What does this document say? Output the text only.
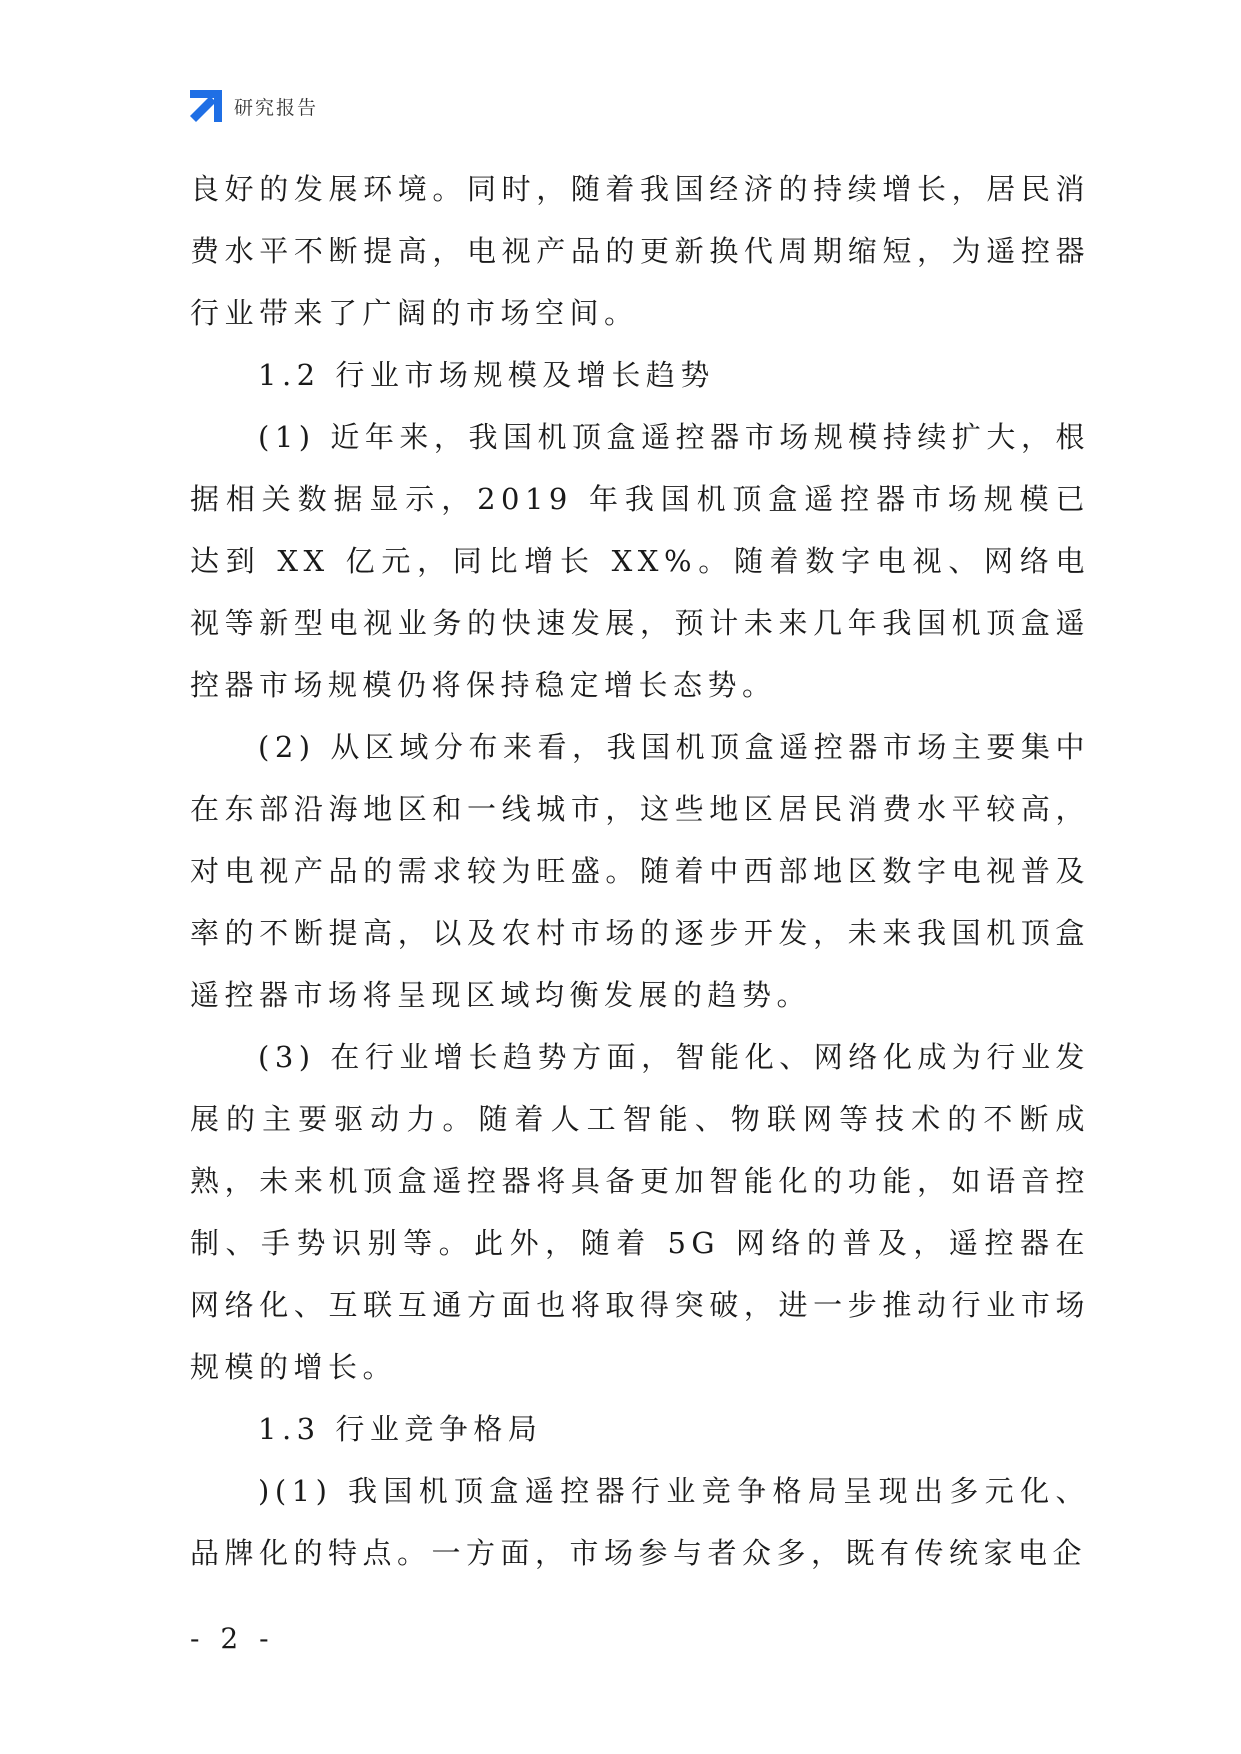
研究报告

良好的发展环境。同时，随着我国经济的持续增长，居民消费水平不断提高，电视产品的更新换代周期缩短，为遥控器行业带来了广阔的市场空间。

1.2 行业市场规模及增长趋势

(1) 近年来，我国机顶盒遥控器市场规模持续扩大，根据相关数据显示，2019 年我国机顶盒遥控器市场规模已达到 XX 亿元，同比增长 XX%。随着数字电视、网络电视等新型电视业务的快速发展，预计未来几年我国机顶盒遥控器市场规模仍将保持稳定增长态势。

(2) 从区域分布来看，我国机顶盒遥控器市场主要集中在东部沿海地区和一线城市，这些地区居民消费水平较高，对电视产品的需求较为旺盛。随着中西部地区数字电视普及率的不断提高，以及农村市场的逐步开发，未来我国机顶盒遥控器市场将呈现区域均衡发展的趋势。

(3) 在行业增长趋势方面，智能化、网络化成为行业发展的主要驱动力。随着人工智能、物联网等技术的不断成熟，未来机顶盒遥控器将具备更加智能化的功能，如语音控制、手势识别等。此外，随着 5G 网络的普及，遥控器在网络化、互联互通方面也将取得突破，进一步推动行业市场规模的增长。

1.3 行业竞争格局

)(1) 我国机顶盒遥控器行业竞争格局呈现出多元化、品牌化的特点。一方面，市场参与者众多，既有传统家电企

- 2 -
